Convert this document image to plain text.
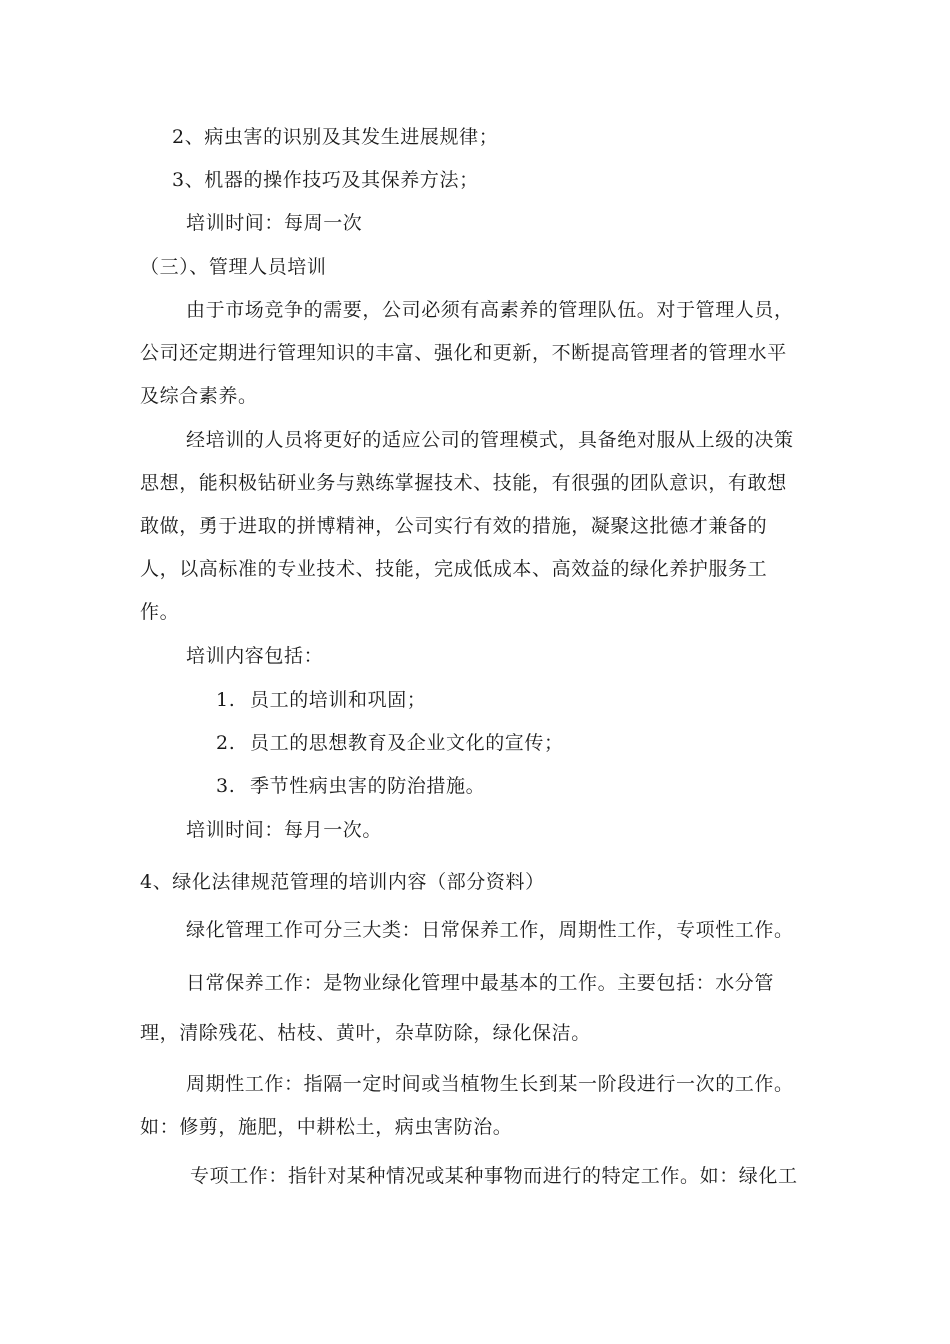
2、病虫害的识别及其发生进展规律；
3、机器的操作技巧及其保养方法；
培训时间：每周一次
（三）、管理人员培训
由于市场竞争的需要，公司必须有高素养的管理队伍。对于管理人员，
公司还定期进行管理知识的丰富、强化和更新，不断提高管理者的管理水平
及综合素养。
经培训的人员将更好的适应公司的管理模式，具备绝对服从上级的决策
思想，能积极钻研业务与熟练掌握技术、技能，有很强的团队意识，有敢想
敢做，勇于进取的拼博精神，公司实行有效的措施，凝聚这批德才兼备的
人，以高标准的专业技术、技能，完成低成本、高效益的绿化养护服务工
作。
培训内容包括：
1. 员工的培训和巩固；
2. 员工的思想教育及企业文化的宣传；
3. 季节性病虫害的防治措施。
培训时间：每月一次。
4、绿化法律规范管理的培训内容（部分资料）
绿化管理工作可分三大类：日常保养工作，周期性工作，专项性工作。
日常保养工作：是物业绿化管理中最基本的工作。主要包括：水分管
理，清除残花、枯枝、黄叶，杂草防除，绿化保洁。
周期性工作：指隔一定时间或当植物生长到某一阶段进行一次的工作。
如：修剪，施肥，中耕松土，病虫害防治。
专项工作：指针对某种情况或某种事物而进行的特定工作。如：绿化工
